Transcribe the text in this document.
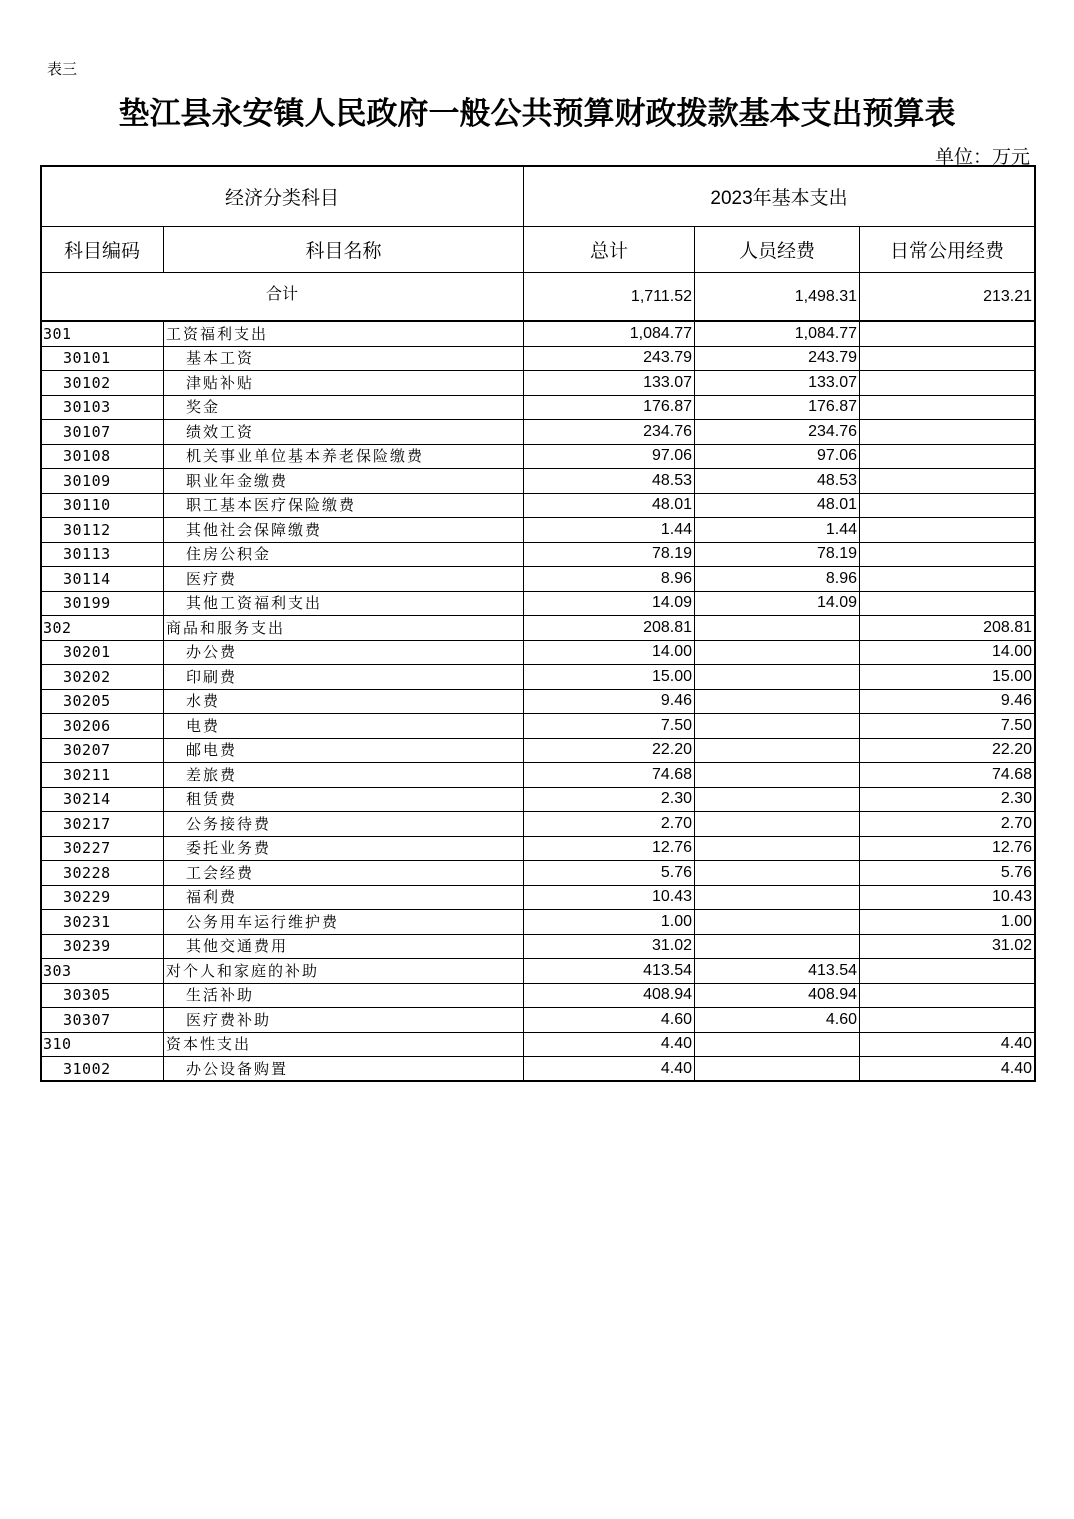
表三
垫江县永安镇人民政府一般公共预算财政拨款基本支出预算表
单位：万元
经济分类科目		2023年基本支出		
科目编码	科目名称	总计	人员经费	日常公用经费
合计		1,711.52	1,498.31	213.21
301	工资福利支出	1,084.77	1,084.77	
30101	基本工资	243.79	243.79	
30102	津贴补贴	133.07	133.07	
30103	奖金	176.87	176.87	
30107	绩效工资	234.76	234.76	
30108	机关事业单位基本养老保险缴费	97.06	97.06	
30109	职业年金缴费	48.53	48.53	
30110	职工基本医疗保险缴费	48.01	48.01	
30112	其他社会保障缴费	1.44	1.44	
30113	住房公积金	78.19	78.19	
30114	医疗费	8.96	8.96	
30199	其他工资福利支出	14.09	14.09	
302	商品和服务支出	208.81		208.81
30201	办公费	14.00		14.00
30202	印刷费	15.00		15.00
30205	水费	9.46		9.46
30206	电费	7.50		7.50
30207	邮电费	22.20		22.20
30211	差旅费	74.68		74.68
30214	租赁费	2.30		2.30
30217	公务接待费	2.70		2.70
30227	委托业务费	12.76		12.76
30228	工会经费	5.76		5.76
30229	福利费	10.43		10.43
30231	公务用车运行维护费	1.00		1.00
30239	其他交通费用	31.02		31.02
303	对个人和家庭的补助	413.54	413.54	
30305	生活补助	408.94	408.94	
30307	医疗费补助	4.60	4.60	
310	资本性支出	4.40		4.40
31002	办公设备购置	4.40		4.40
